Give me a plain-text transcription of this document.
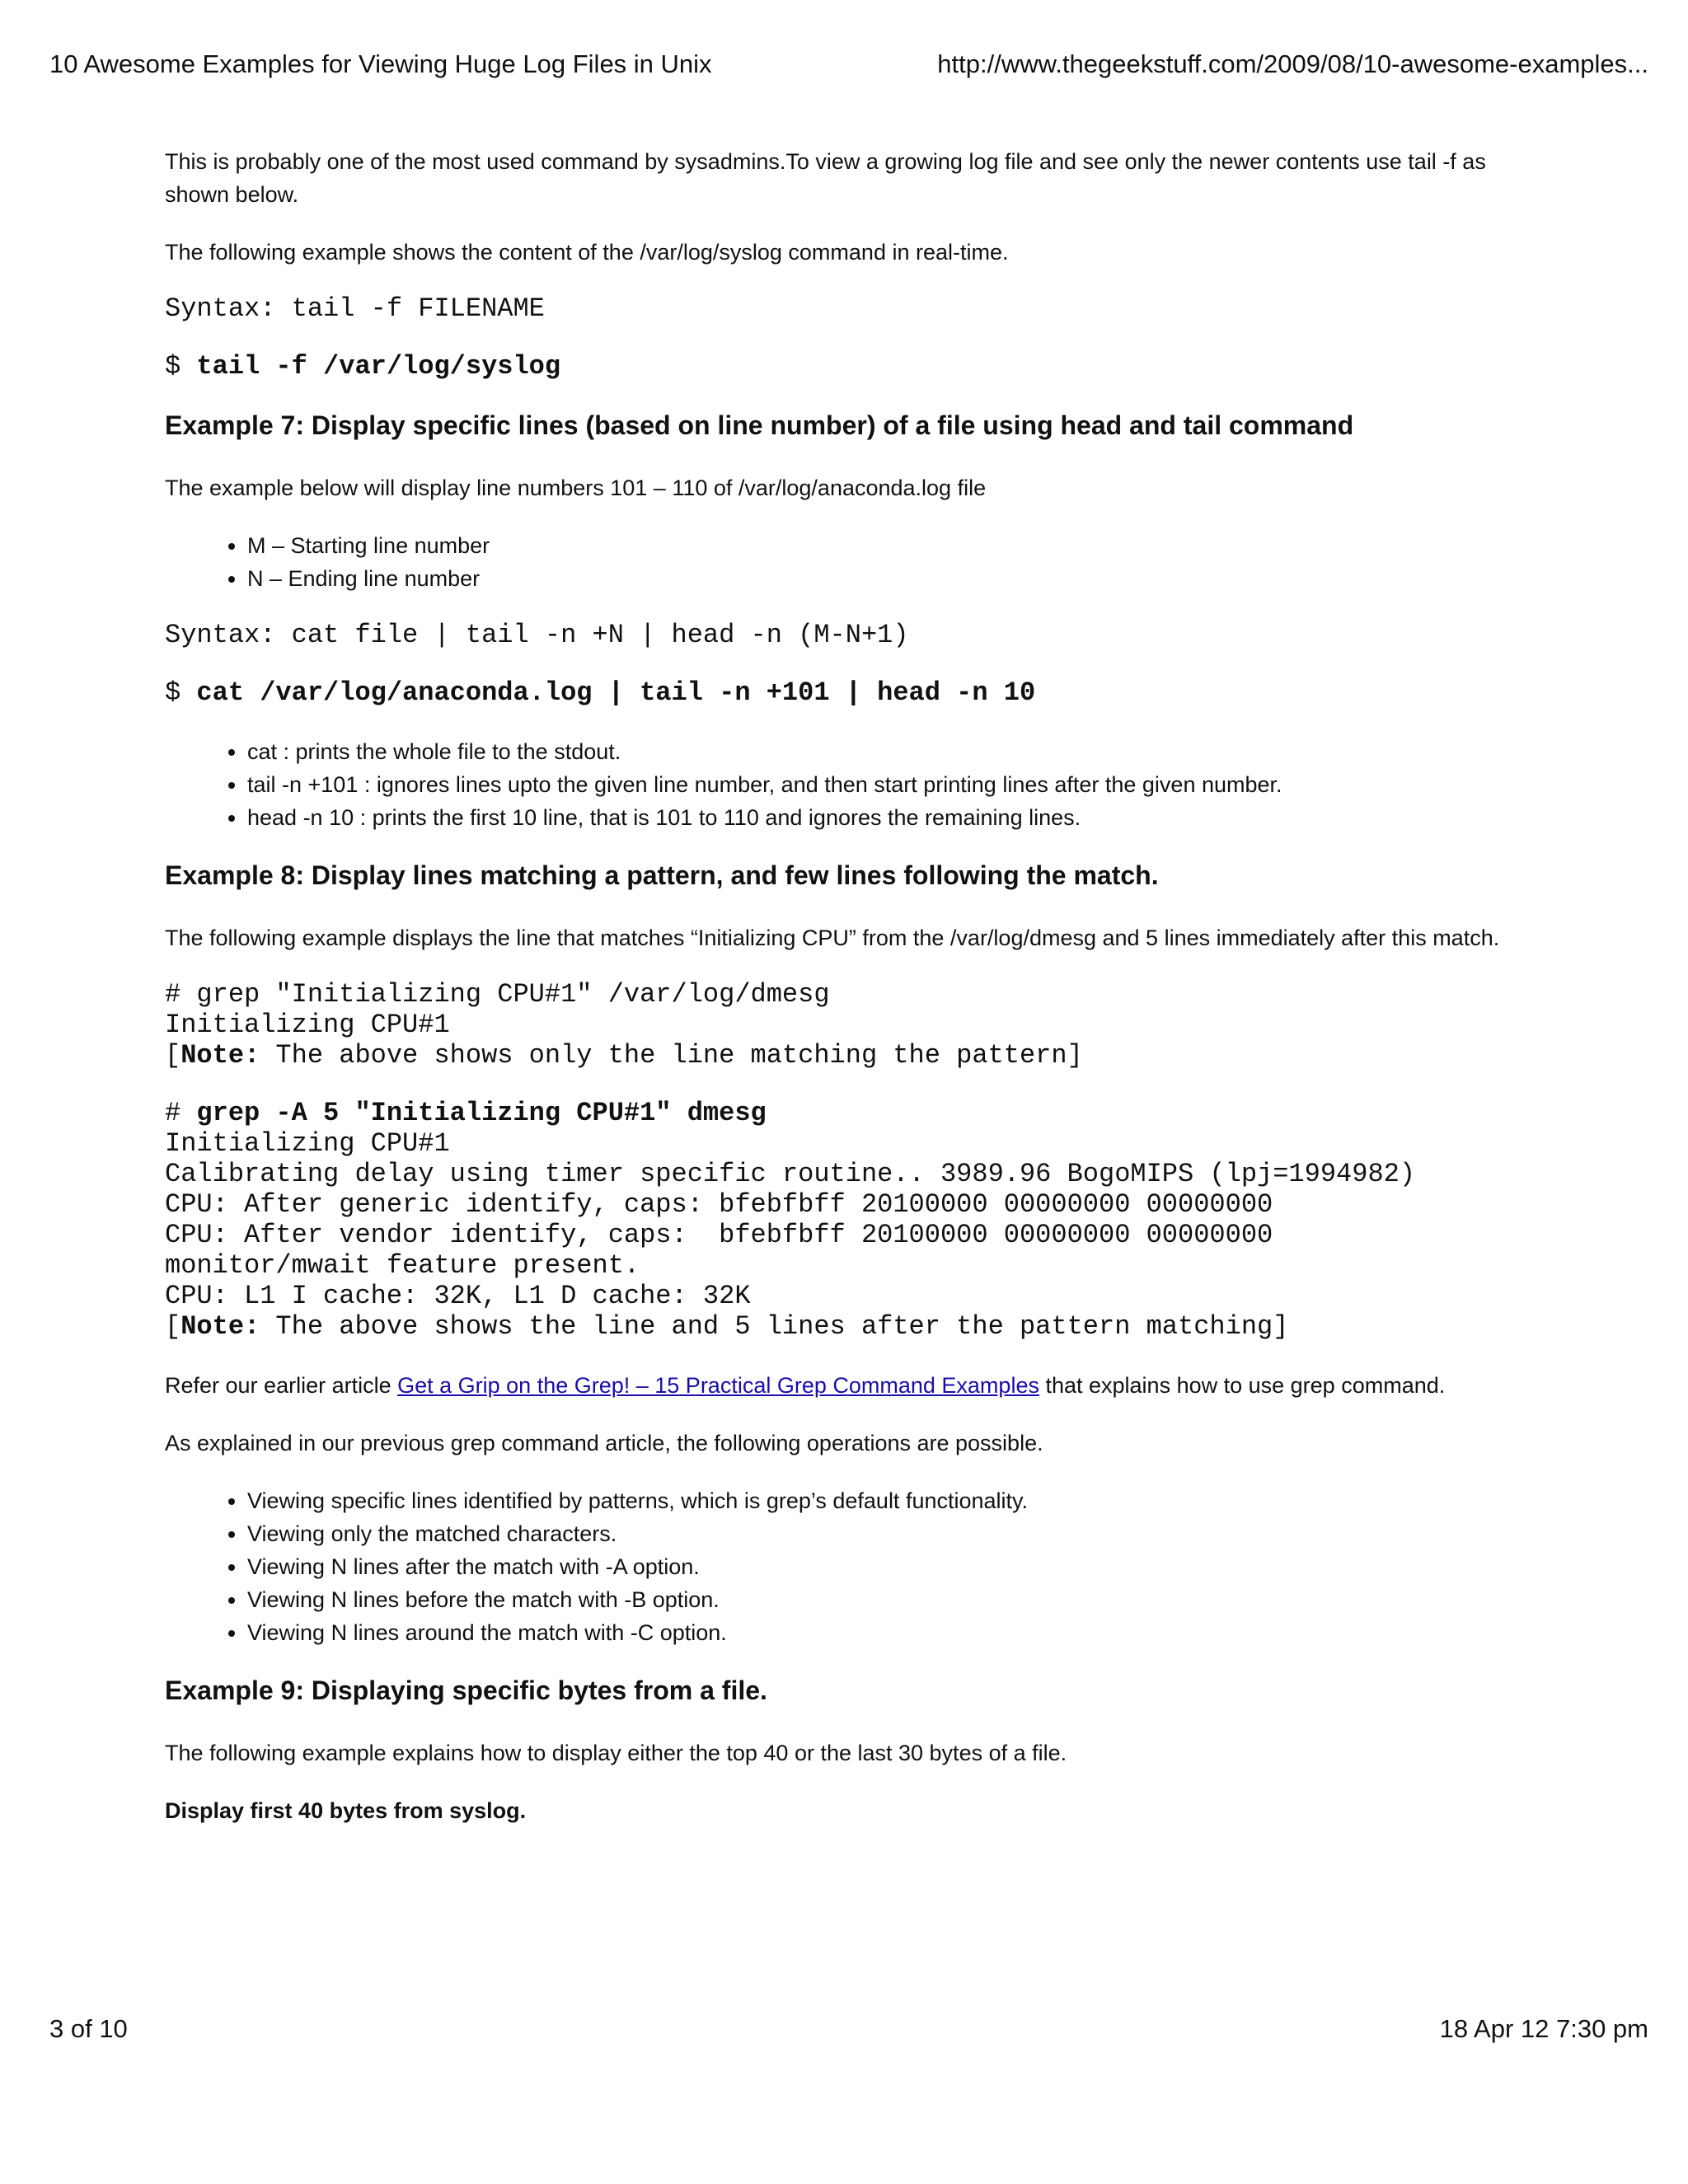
10 Awesome Examples for Viewing Huge Log Files in Unix	http://www.thegeekstuff.com/2009/08/10-awesome-examples...

This is probably one of the most used command by sysadmins.To view a growing log file and see only the newer contents use tail -f as shown below.

The following example shows the content of the /var/log/syslog command in real-time.

Syntax: tail -f FILENAME
$ tail -f /var/log/syslog
Example 7: Display specific lines (based on line number) of a file using head and tail command

The example below will display line numbers 101 – 110 of /var/log/anaconda.log file

• M – Starting line number
• N – Ending line number
Syntax: cat file | tail -n +N | head -n (M-N+1)
$ cat /var/log/anaconda.log | tail -n +101 | head -n 10
• cat : prints the whole file to the stdout.
• tail -n +101 : ignores lines upto the given line number, and then start printing lines after the given number.
• head -n 10 : prints the first 10 line, that is 101 to 110 and ignores the remaining lines.
Example 8: Display lines matching a pattern, and few lines following the match.

The following example displays the line that matches “Initializing CPU” from the /var/log/dmesg and 5 lines immediately after this match.

# grep "Initializing CPU#1" /var/log/dmesg
Initializing CPU#1
[Note: The above shows only the line matching the pattern]
# grep -A 5 "Initializing CPU#1" dmesg
Initializing CPU#1
Calibrating delay using timer specific routine.. 3989.96 BogoMIPS (lpj=1994982)
CPU: After generic identify, caps: bfebfbff 20100000 00000000 00000000
CPU: After vendor identify, caps:  bfebfbff 20100000 00000000 00000000
monitor/mwait feature present.
CPU: L1 I cache: 32K, L1 D cache: 32K
[Note: The above shows the line and 5 lines after the pattern matching]

Refer our earlier article Get a Grip on the Grep! – 15 Practical Grep Command Examples that explains how to use grep command.

As explained in our previous grep command article, the following operations are possible.

• Viewing specific lines identified by patterns, which is grep’s default functionality.
• Viewing only the matched characters.
• Viewing N lines after the match with -A option.
• Viewing N lines before the match with -B option.
• Viewing N lines around the match with -C option.
Example 9: Displaying specific bytes from a file.

The following example explains how to display either the top 40 or the last 30 bytes of a file.

Display first 40 bytes from syslog.
3 of 10	18 Apr 12 7:30 pm
